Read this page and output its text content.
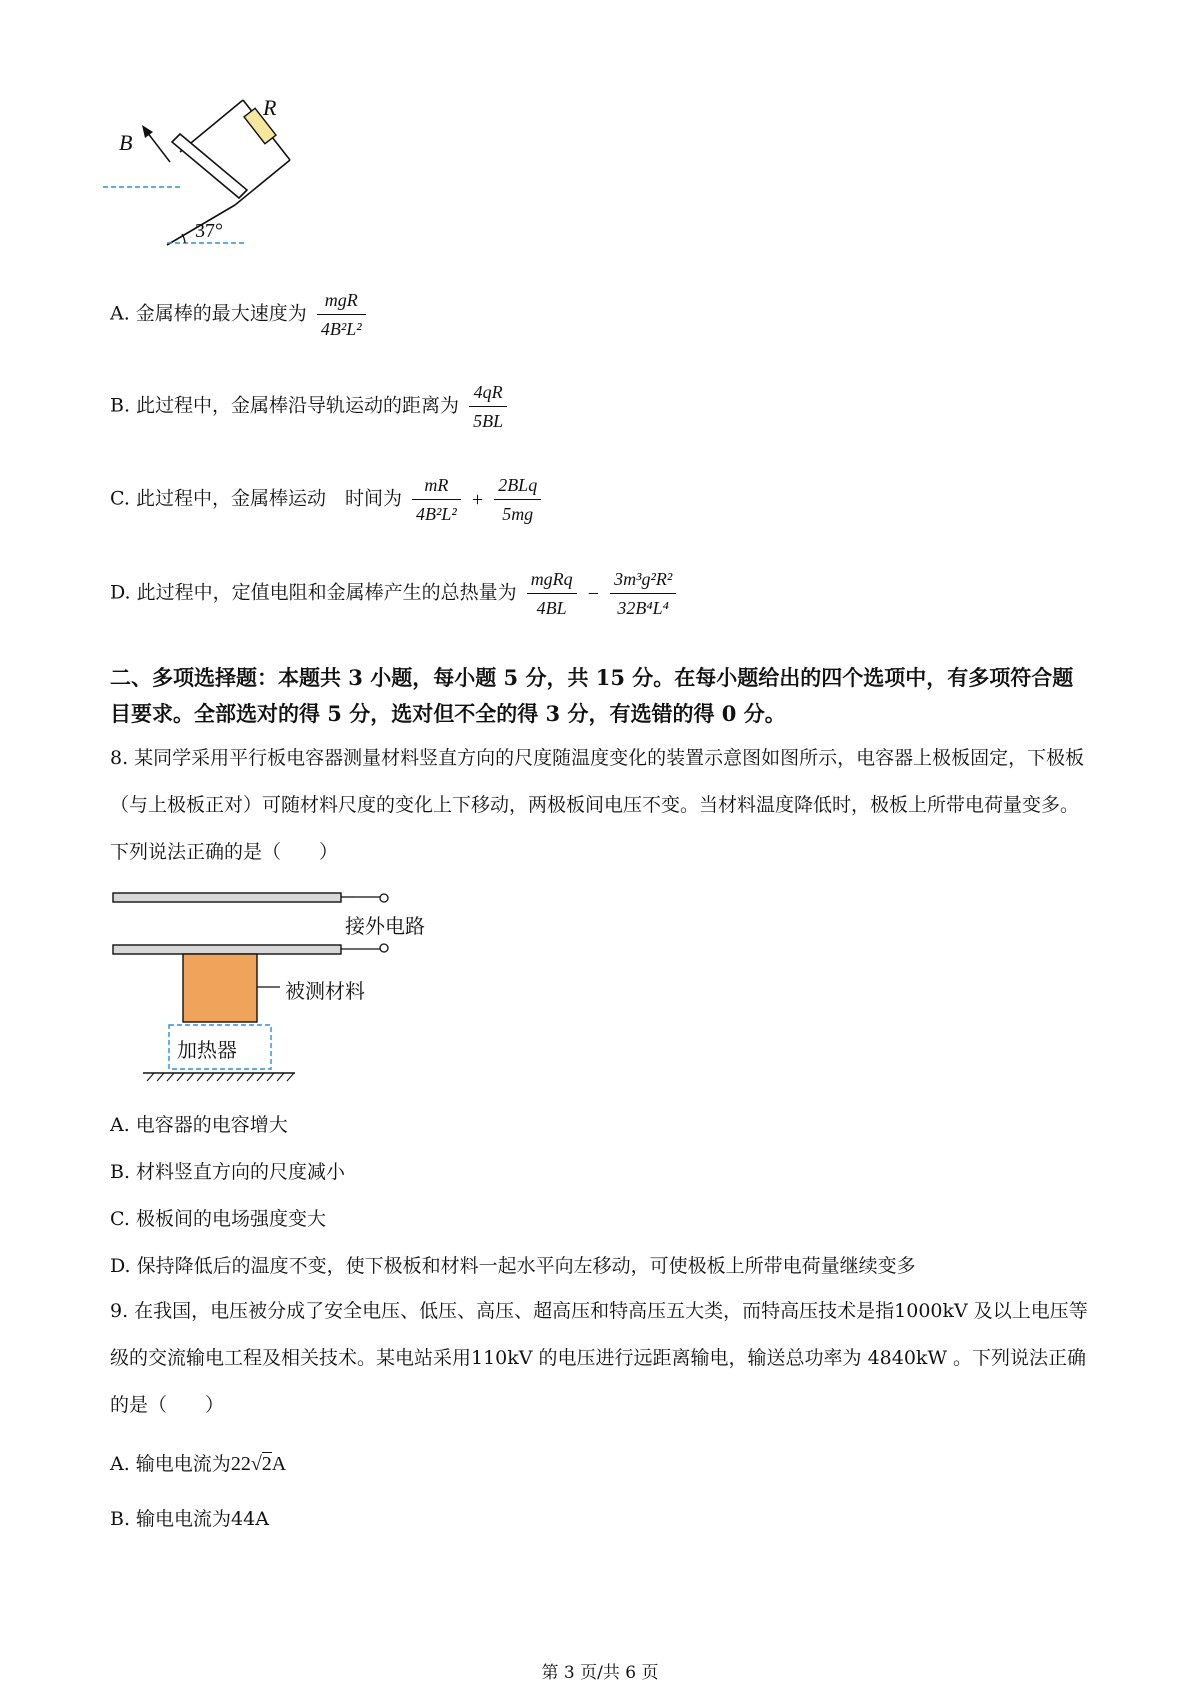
R
B
37°
A. 金属棒的最大速度为 $\frac{\text{mgR}}{\text{4B²L²}}$
B. 此过程中，金属棒沿导轨运动的距离为 $\frac{4qR}{5BL}$
C. 此过程中，金属棒运动　时间为 $\frac{mR}{\text{4B²L²}} + \frac{\text{2BLq}}{5mg}$
D. 此过程中，定值电阻和金属棒产生的总热量为 $\frac{\text{mgRq}}{4BL} - \frac{\text{3m³g²R²}}{\text{32B⁴L⁴}}$
二、多项选择题：本题共 3 小题，每小题 5 分，共 15 分。在每小题给出的四个选项中，有多项符合题目要求。全部选对的得 5 分，选对但不全的得 3 分，有选错的得 0 分。
8. 某同学采用平行板电容器测量材料竖直方向的尺度随温度变化的装置示意图如图所示，电容器上极板固定，下极板（与上极板正对）可随材料尺度的变化上下移动，两极板间电压不变。当材料温度降低时，极板上所带电荷量变多。下列说法正确的是（　　）
接外电路
被测材料
加热器
A. 电容器的电容增大
B. 材料竖直方向的尺度减小
C. 极板间的电场强度变大
D. 保持降低后的温度不变，使下极板和材料一起水平向左移动，可使极板上所带电荷量继续变多
9. 在我国，电压被分成了安全电压、低压、高压、超高压和特高压五大类，而特高压技术是指1000kV 及以上电压等级的交流输电工程及相关技术。某电站采用110kV 的电压进行远距离输电，输送总功率为 4840kW 。下列说法正确的是（　　）
A. 输电电流为22√2A
B. 输电电流为44A
第 3 页/共 6 页
